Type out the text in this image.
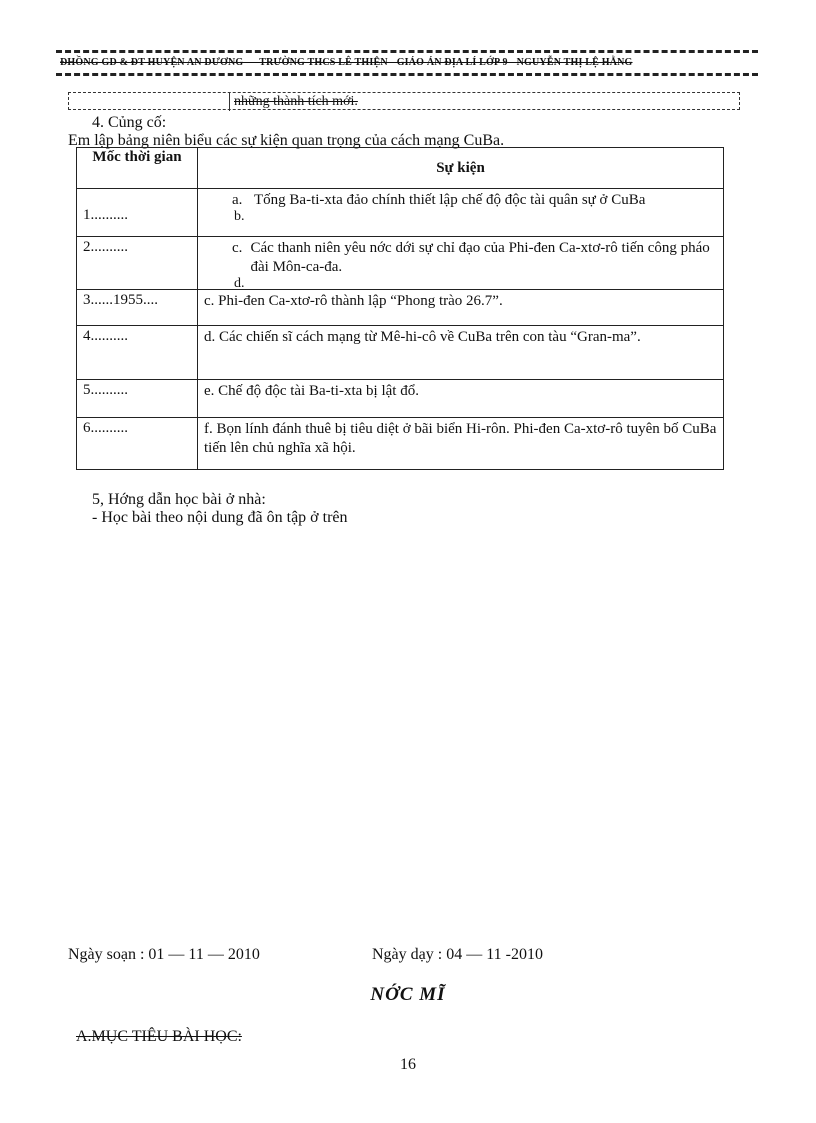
ĐHỒNG GD & ĐT HUYỆN AN DƯƠNG --- TRƯỜNG THCS LÊ THIỆN - GIÁO ÁN ĐỊA LÍ LỚP 9 - NGUYỄN THỊ LỆ HẰNG
những thành tích mới.
4. Củng cố:
Em lập bảng niên biểu các sự kiện quan trọng của cách mạng CuBa.
Mốc thời gian	Sự kiện
1..........	a. Tống Ba-ti-xta đảo chính thiết lập chế độ độc tài quân sự ở CuBa
b.

2..........	c. Các thanh niên yêu nớc dới sự chỉ đạo của Phi-đen Ca-xtơ-rô tiến công pháo đài Môn-ca-đa.
d.

3......1955....	c. Phi-đen Ca-xtơ-rô thành lập “Phong trào 26.7”.
4..........	d. Các chiến sĩ cách mạng từ Mê-hi-cô về CuBa trên con tàu “Gran-ma”.
5..........	e. Chế độ độc tài Ba-ti-xta bị lật đổ.
6..........	f. Bọn lính đánh thuê bị tiêu diệt ở bãi biển Hi-rôn. Phi-đen Ca-xtơ-rô tuyên bố CuBa tiến lên chủ nghĩa xã hội.
5, Hớng dẫn học bài ở nhà:
- Học bài theo nội dung đã ôn tập ở trên
Ngày soạn : 01 — 11 — 2010	Ngày dạy : 04 — 11 -2010
NỚC MĨ
A.MỤC TIÊU BÀI HỌC:
16
